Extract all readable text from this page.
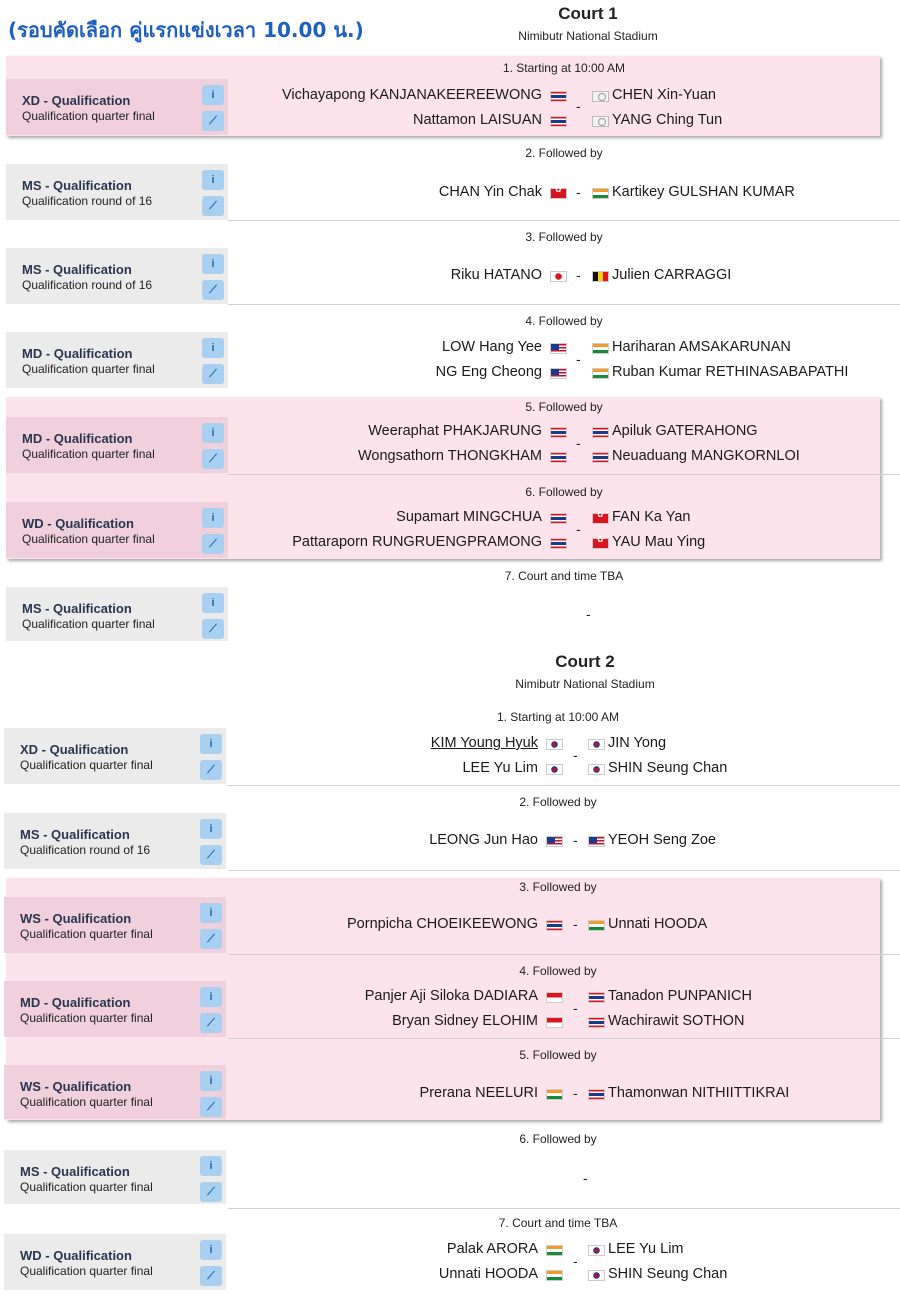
(รอบคัดเลือก คู่แรกแข่งเวลา 10.00 น.)
Court 1
Nimibutr National Stadium
1. Starting at 10:00 AM
XD - Qualification
Qualification quarter final
i
⟋
Vichayapong KANJANAKEEREEWONG	CHEN Xin-Yuan
-
Nattamon LAISUAN	YANG Ching Tun
2. Followed by
MS - Qualification
Qualification round of 16
i
⟋
CHAN Yin Chak ✿	Kartikey GULSHAN KUMAR
-
3. Followed by
MS - Qualification
Qualification round of 16
i
⟋
Riku HATANO	Julien CARRAGGI
-
4. Followed by
MD - Qualification
Qualification quarter final
i
⟋
LOW Hang Yee	Hariharan AMSAKARUNAN
-
NG Eng Cheong	Ruban Kumar RETHINASABAPATHI
5. Followed by
MD - Qualification
Qualification quarter final
i
⟋
Weeraphat PHAKJARUNG	Apiluk GATERAHONG
-
Wongsathorn THONGKHAM	Neuaduang MANGKORNLOI
6. Followed by
WD - Qualification
Qualification quarter final
i
⟋
Supamart MINGCHUA ✿	FAN Ka Yan
-
Pattaraporn RUNGRUENGPRAMONG ✿	YAU Mau Ying
7. Court and time TBA
MS - Qualification
Qualification quarter final
i
⟋
-
Court 2
Nimibutr National Stadium
1. Starting at 10:00 AM
XD - Qualification
Qualification quarter final
i
⟋
KIM Young Hyuk	JIN Yong
-
LEE Yu Lim	SHIN Seung Chan
2. Followed by
MS - Qualification
Qualification round of 16
i
⟋
LEONG Jun Hao	YEOH Seng Zoe
-
3. Followed by
WS - Qualification
Qualification quarter final
i
⟋
Pornpicha CHOEIKEEWONG	Unnati HOODA
-
4. Followed by
MD - Qualification
Qualification quarter final
i
⟋
Panjer Aji Siloka DADIARA	Tanadon PUNPANICH
-
Bryan Sidney ELOHIM	Wachirawit SOTHON
5. Followed by
WS - Qualification
Qualification quarter final
i
⟋
Prerana NEELURI	Thamonwan NITHIITTIKRAI
-
6. Followed by
MS - Qualification
Qualification quarter final
i
⟋
-
7. Court and time TBA
WD - Qualification
Qualification quarter final
i
⟋
Palak ARORA	LEE Yu Lim
-
Unnati HOODA	SHIN Seung Chan
